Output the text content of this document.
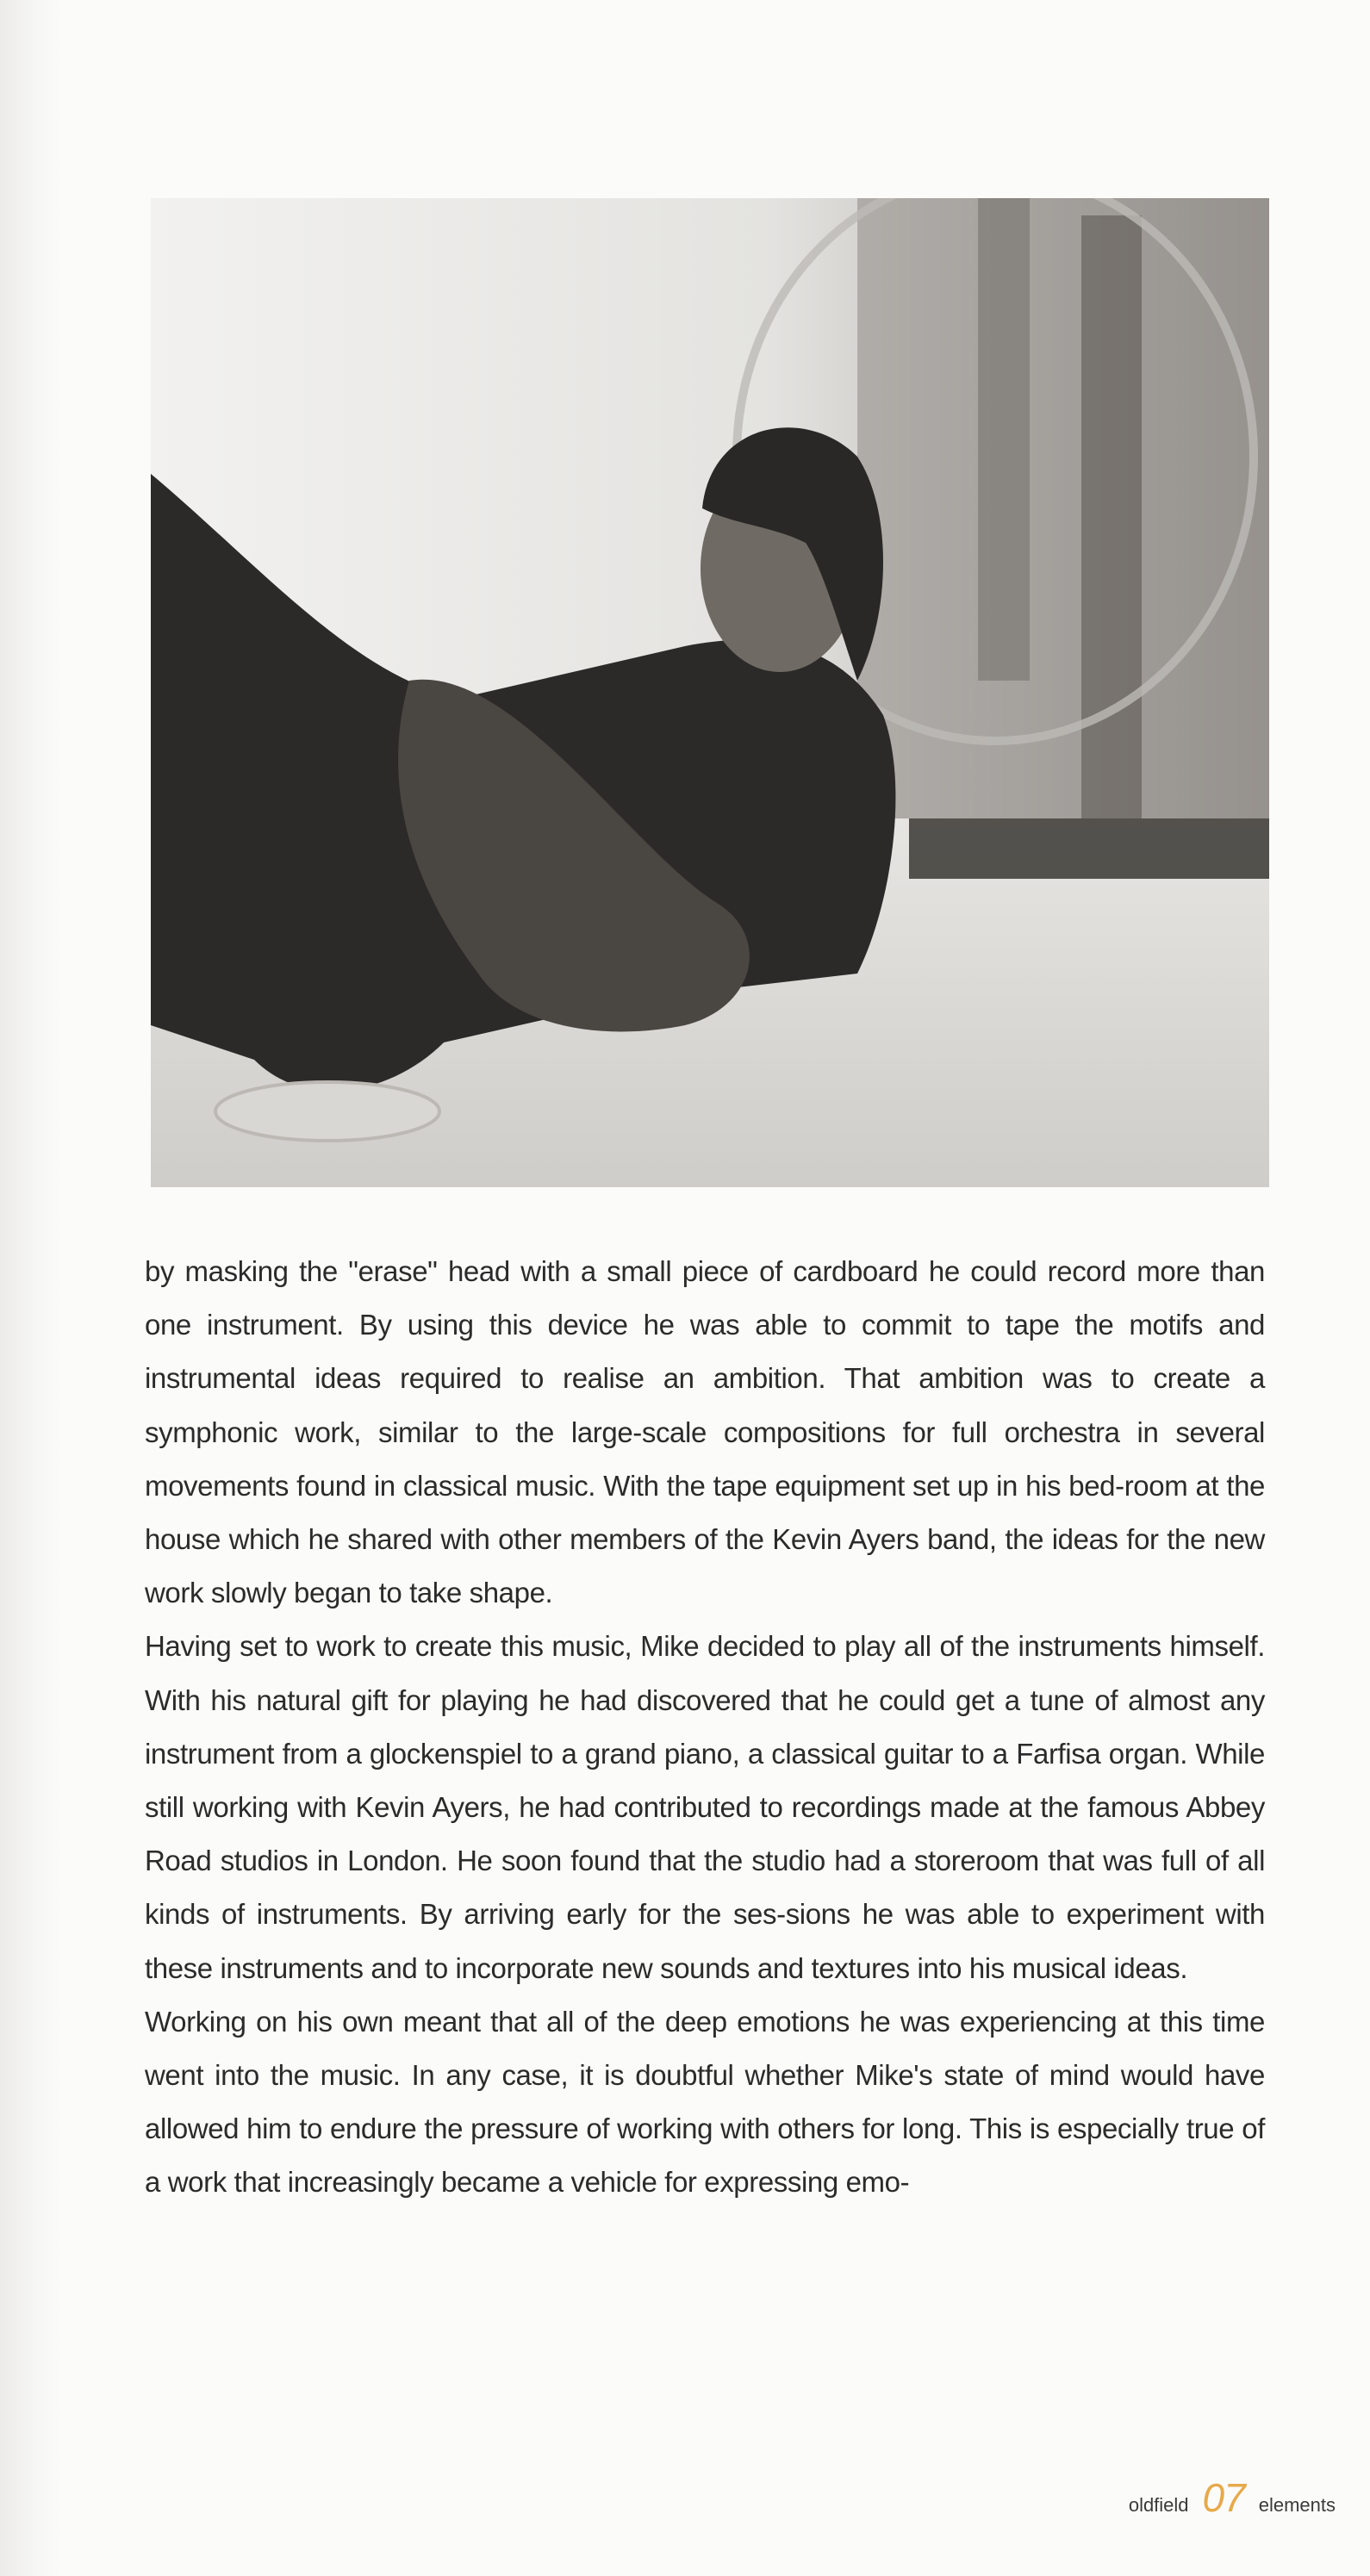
by masking the "erase" head with a small piece of cardboard he could record more than one instrument. By using this device he was able to commit to tape the motifs and instrumental ideas required to realise an ambition. That ambition was to create a symphonic work, similar to the large-scale compositions for full orchestra in several movements found in classical music. With the tape equipment set up in his bed-room at the house which he shared with other members of the Kevin Ayers band, the ideas for the new work slowly began to take shape.

Having set to work to create this music, Mike decided to play all of the instruments himself. With his natural gift for playing he had discovered that he could get a tune of almost any instrument from a glockenspiel to a grand piano, a classical guitar to a Farfisa organ. While still working with Kevin Ayers, he had contributed to recordings made at the famous Abbey Road studios in London. He soon found that the studio had a storeroom that was full of all kinds of instruments. By arriving early for the ses-sions he was able to experiment with these instruments and to incorporate new sounds and textures into his musical ideas.

Working on his own meant that all of the deep emotions he was experiencing at this time went into the music. In any case, it is doubtful whether Mike's state of mind would have allowed him to endure the pressure of working with others for long. This is especially true of a work that increasingly became a vehicle for expressing emo-

oldfield 07 elements
